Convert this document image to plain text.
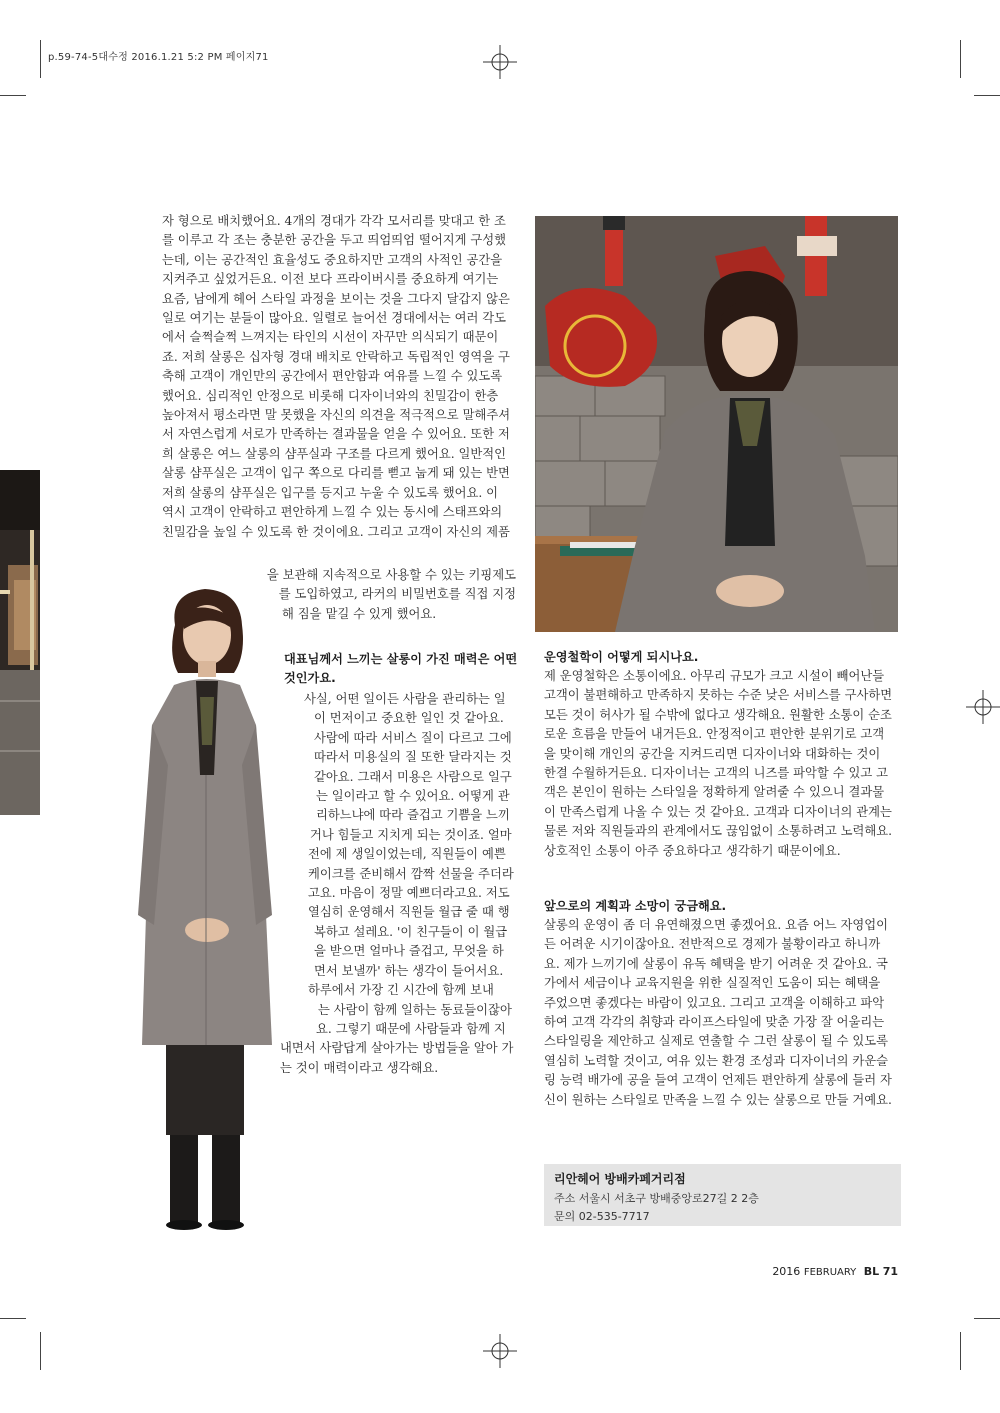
p.59-74-5대수정 2016.1.21 5:2 PM 페이지71
자 형으로 배치했어요. 4개의 경대가 각각 모서리를 맞대고 한 조
를 이루고 각 조는 충분한 공간을 두고 띄엄띄엄 떨어지게 구성했
는데, 이는 공간적인 효율성도 중요하지만 고객의 사적인 공간을
지켜주고 싶었거든요. 이전 보다 프라이버시를 중요하게 여기는
요즘, 남에게 헤어 스타일 과정을 보이는 것을 그다지 달갑지 않은
일로 여기는 분들이 많아요. 일렬로 늘어선 경대에서는 여러 각도
에서 슬쩍슬쩍 느껴지는 타인의 시선이 자꾸만 의식되기 때문이
죠. 저희 살롱은 십자형 경대 배치로 안락하고 독립적인 영역을 구
축해 고객이 개인만의 공간에서 편안함과 여유를 느낄 수 있도록
했어요. 심리적인 안정으로 비롯해 디자이너와의 친밀감이 한층
높아져서 평소라면 말 못했을 자신의 의견을 적극적으로 말해주셔
서 자연스럽게 서로가 만족하는 결과물을 얻을 수 있어요. 또한 저
희 살롱은 여느 살롱의 샴푸실과 구조를 다르게 했어요. 일반적인
살롱 샴푸실은 고객이 입구 쪽으로 다리를 뻗고 눕게 돼 있는 반면
저희 살롱의 샴푸실은 입구를 등지고 누울 수 있도록 했어요. 이
역시 고객이 안락하고 편안하게 느낄 수 있는 동시에 스태프와의
친밀감을 높일 수 있도록 한 것이에요. 그리고 고객이 자신의 제품
을 보관해 지속적으로 사용할 수 있는 키핑제도
를 도입하였고, 라커의 비밀번호를 직접 지정
해 짐을 맡길 수 있게 했어요.
대표님께서 느끼는 살롱이 가진 매력은 어떤
것인가요.
사실, 어떤 일이든 사람을 관리하는 일
이 먼저이고 중요한 일인 것 같아요.
사람에 따라 서비스 질이 다르고 그에
따라서 미용실의 질 또한 달라지는 것
같아요. 그래서 미용은 사람으로 일구
는 일이라고 할 수 있어요. 어떻게 관
리하느냐에 따라 즐겁고 기쁨을 느끼
거나 힘들고 지치게 되는 것이죠. 얼마
전에 제 생일이었는데, 직원들이 예쁜
케이크를 준비해서 깜짝 선물을 주더라
고요. 마음이 정말 예쁘더라고요. 저도
열심히 운영해서 직원들 월급 줄 때 행
복하고 설레요. '이 친구들이 이 월급
을 받으면 얼마나 즐겁고, 무엇을 하
면서 보낼까' 하는 생각이 들어서요.
하루에서 가장 긴 시간에 함께 보내
는 사람이 함께 일하는 동료들이잖아
요. 그렇기 때문에 사람들과 함께 지
내면서 사람답게 살아가는 방법들을 알아 가
는 것이 매력이라고 생각해요.
운영철학이 어떻게 되시나요.
제 운영철학은 소통이에요. 아무리 규모가 크고 시설이 빼어난들
고객이 불편해하고 만족하지 못하는 수준 낮은 서비스를 구사하면
모든 것이 허사가 될 수밖에 없다고 생각해요. 원활한 소통이 순조
로운 흐름을 만들어 내거든요. 안정적이고 편안한 분위기로 고객
을 맞이해 개인의 공간을 지켜드리면 디자이너와 대화하는 것이
한결 수월하거든요. 디자이너는 고객의 니즈를 파악할 수 있고 고
객은 본인이 원하는 스타일을 정확하게 알려줄 수 있으니 결과물
이 만족스럽게 나올 수 있는 것 같아요. 고객과 디자이너의 관계는
물론 저와 직원들과의 관계에서도 끊임없이 소통하려고 노력해요.
상호적인 소통이 아주 중요하다고 생각하기 때문이에요.
앞으로의 계획과 소망이 궁금해요.
살롱의 운영이 좀 더 유연해졌으면 좋겠어요. 요즘 어느 자영업이
든 어려운 시기이잖아요. 전반적으로 경제가 불황이라고 하니까
요. 제가 느끼기에 살롱이 유독 혜택을 받기 어려운 것 같아요. 국
가에서 세금이나 교육지원을 위한 실질적인 도움이 되는 혜택을
주었으면 좋겠다는 바람이 있고요. 그리고 고객을 이해하고 파악
하여 고객 각각의 취향과 라이프스타일에 맞춘 가장 잘 어울리는
스타일링을 제안하고 실제로 연출할 수 그런 살롱이 될 수 있도록
열심히 노력할 것이고, 여유 있는 환경 조성과 디자이너의 카운슬
링 능력 배가에 공을 들여 고객이 언제든 편안하게 살롱에 들러 자
신이 원하는 스타일로 만족을 느낄 수 있는 살롱으로 만들 거예요.
리안헤어 방배카페거리점
주소 서울시 서초구 방배중앙로27길 2 2층
문의 02-535-7717
2016 FEBRUARY BL 71
